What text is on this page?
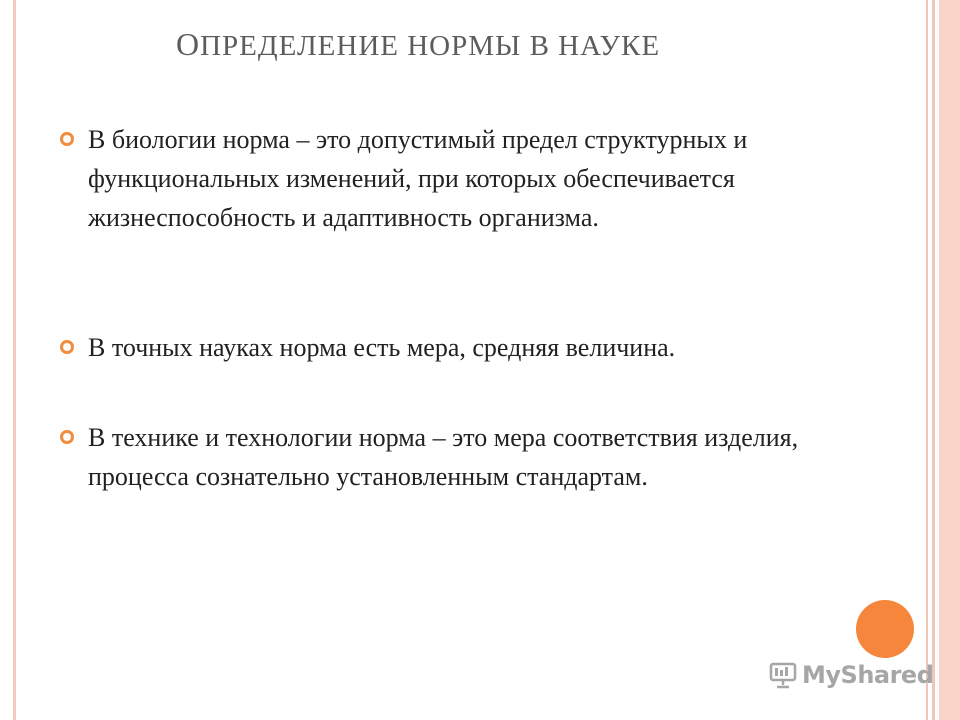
ОПРЕДЕЛЕНИЕ НОРМЫ В НАУКЕ
В биологии норма – это допустимый предел структурных и функциональных изменений, при которых обеспечивается жизнеспособность и адаптивность организма.
В точных науках норма есть мера, средняя величина.
В технике и технологии норма – это мера соответствия изделия, процесса сознательно установленным стандартам.
MyShared
